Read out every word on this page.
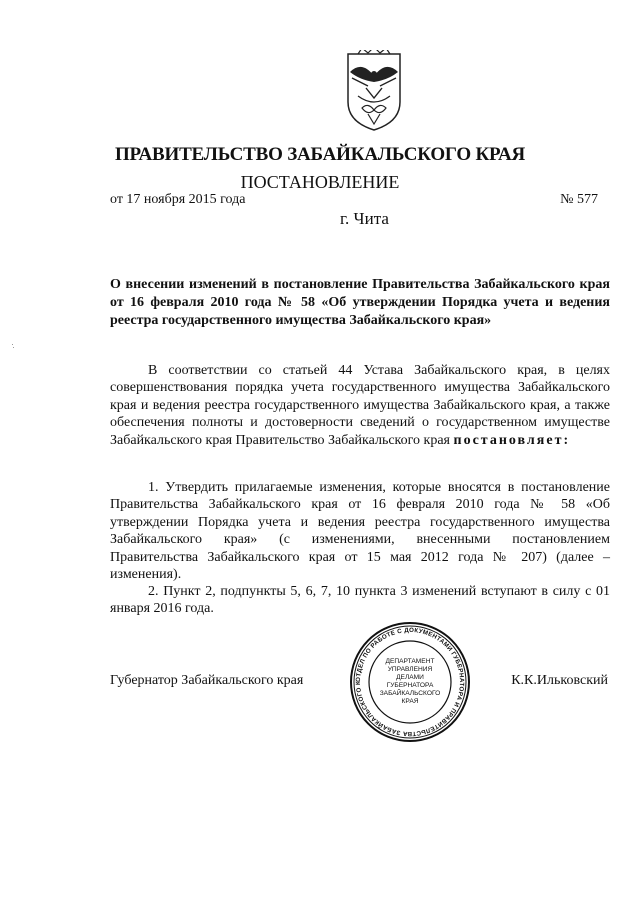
ПРАВИТЕЛЬСТВО ЗАБАЙКАЛЬСКОГО КРАЯ
ПОСТАНОВЛЕНИЕ
от 17 ноября 2015 года	№ 577
г. Чита
О внесении изменений в постановление Правительства Забайкальского края от 16 февраля 2010 года № 58 «Об утверждении Порядка учета и ведения реестра государственного имущества Забайкальского края»
В соответствии со статьей 44 Устава Забайкальского края, в целях совершенствования порядка учета государственного имущества Забайкальского края и ведения реестра государственного имущества Забайкальского края, а также обеспечения полноты и достоверности сведений о государственном имуществе Забайкальского края Правительство Забайкальского края постановляет:
1. Утвердить прилагаемые изменения, которые вносятся в постановление Правительства Забайкальского края от 16 февраля 2010 года № 58 «Об утверждении Порядка учета и ведения реестра государственного имущества Забайкальского края» (с изменениями, внесенными постановлением Правительства Забайкальского края от 15 мая 2012 года № 207) (далее – изменения).
2. Пункт 2, подпункты 5, 6, 7, 10 пункта 3 изменений вступают в силу с 01 января 2016 года.
Губернатор Забайкальского края	К.К.Ильковский
ОТДЕЛ ПО РАБОТЕ С ДОКУМЕНТАМИ ГУБЕРНАТОРА И ПРАВИТЕЛЬСТВА ЗАБАЙКАЛЬСКОГО К
ДЕПАРТАМЕНТ
УПРАВЛЕНИЯ
ДЕЛАМИ
ГУБЕРНАТОРА
ЗАБАЙКАЛЬСКОГО
КРАЯ
